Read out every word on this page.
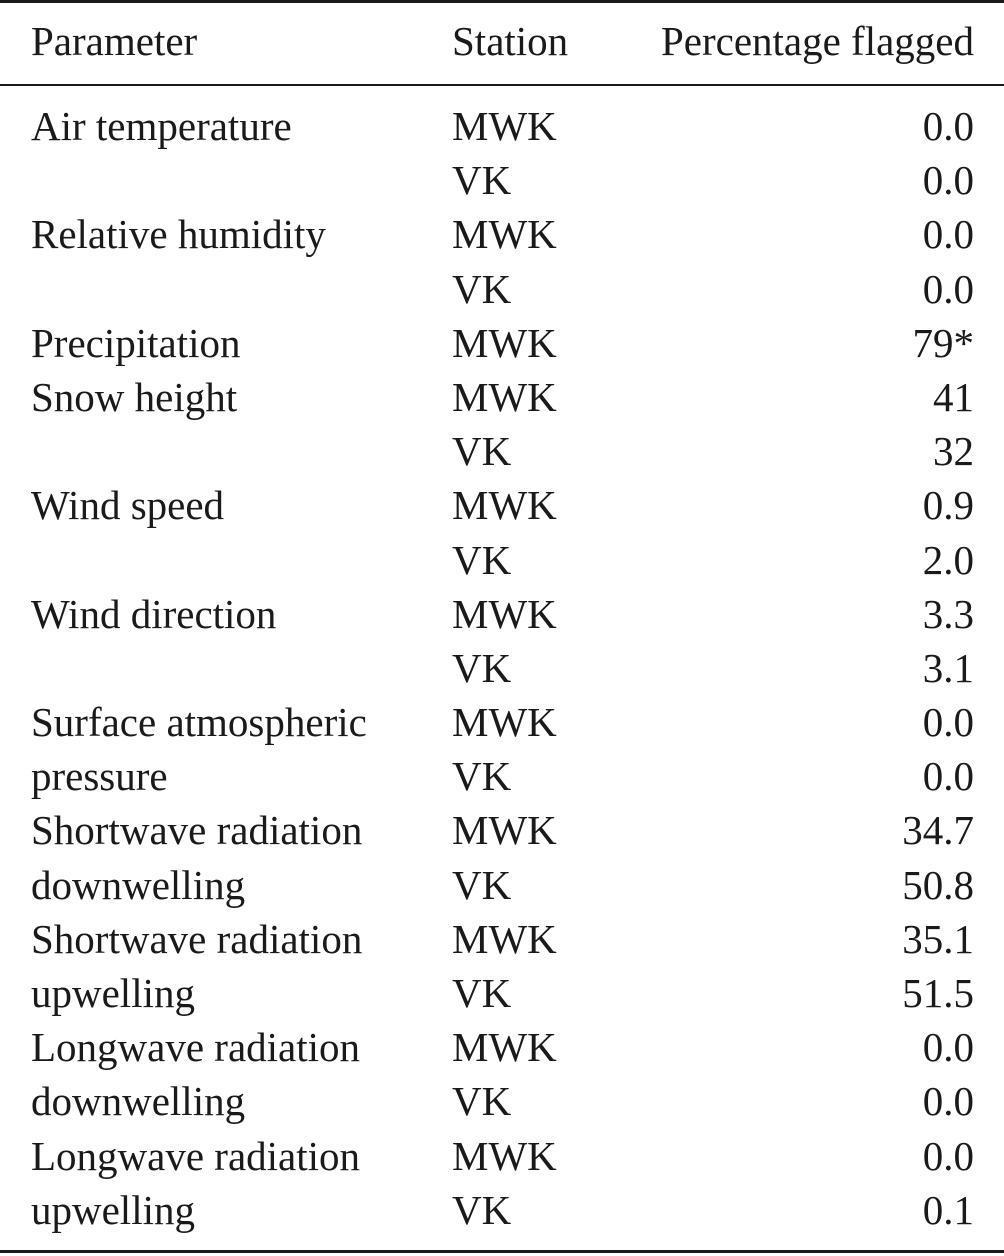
Parameter	Station Percentage flagged
Air temperature	MWK	0.0
VK	0.0
Relative humidity	MWK	0.0
VK	0.0
Precipitation	MWK	79*
Snow height	MWK	41
VK	32
Wind speed	MWK	0.9
VK	2.0
Wind direction	MWK	3.3
VK	3.1
Surface atmospheric MWK	0.0
pressure	VK	0.0
Shortwave radiation MWK	34.7
downwelling	VK	50.8
Shortwave radiation MWK	35.1
upwelling	VK	51.5
Longwave radiation MWK	0.0
downwelling	VK	0.0
Longwave radiation MWK	0.0
upwelling	VK	0.1
